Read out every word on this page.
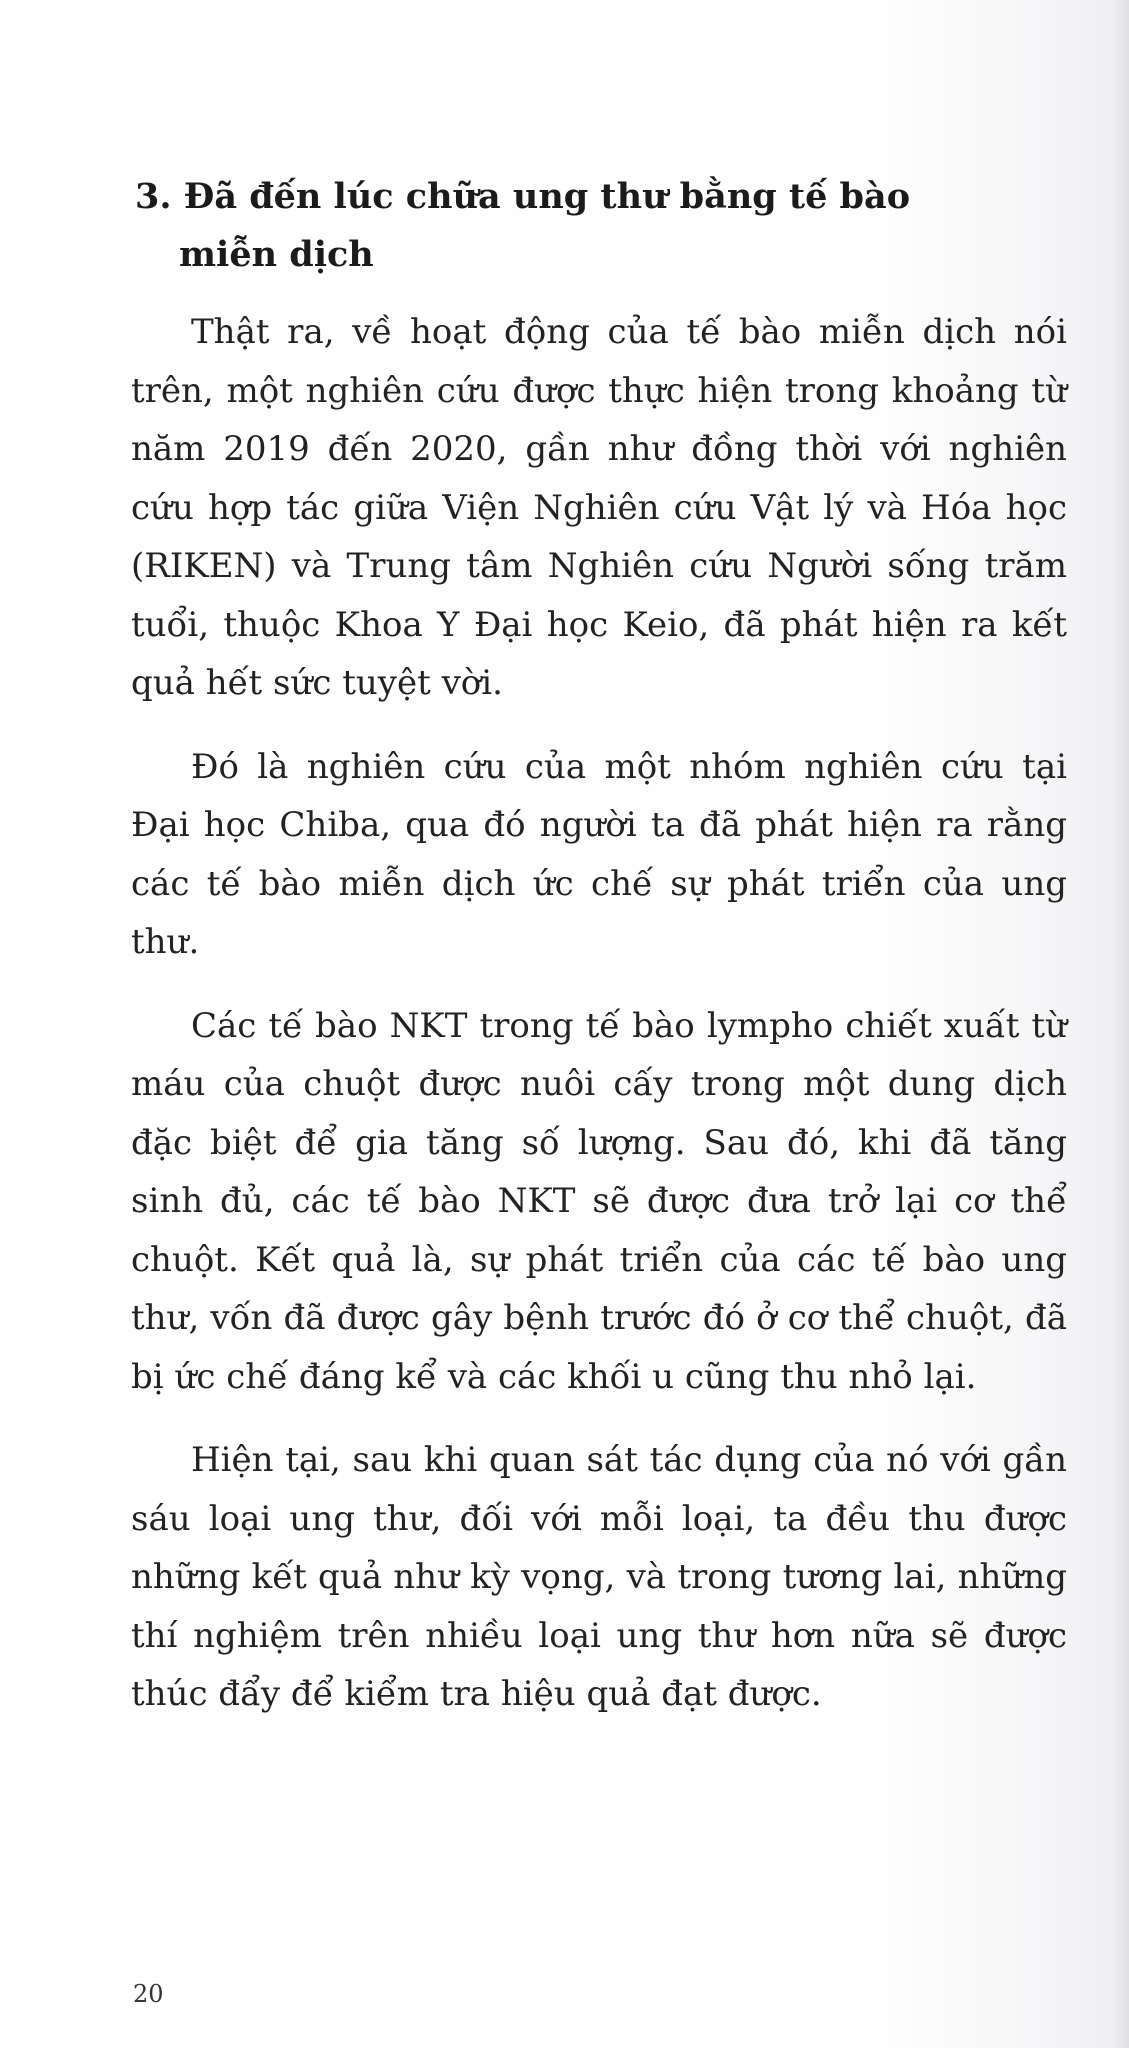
3. Đã đến lúc chữa ung thư bằng tế bào
miễn dịch

Thật ra, về hoạt động của tế bào miễn dịch nói trên, một nghiên cứu được thực hiện trong khoảng từ năm 2019 đến 2020, gần như đồng thời với nghiên cứu hợp tác giữa Viện Nghiên cứu Vật lý và Hóa học (RIKEN) và Trung tâm Nghiên cứu Người sống trăm tuổi, thuộc Khoa Y Đại học Keio, đã phát hiện ra kết quả hết sức tuyệt vời.

Đó là nghiên cứu của một nhóm nghiên cứu tại Đại học Chiba, qua đó người ta đã phát hiện ra rằng các tế bào miễn dịch ức chế sự phát triển của ung thư.

Các tế bào NKT trong tế bào lympho chiết xuất từ máu của chuột được nuôi cấy trong một dung dịch đặc biệt để gia tăng số lượng. Sau đó, khi đã tăng sinh đủ, các tế bào NKT sẽ được đưa trở lại cơ thể chuột. Kết quả là, sự phát triển của các tế bào ung thư, vốn đã được gây bệnh trước đó ở cơ thể chuột, đã bị ức chế đáng kể và các khối u cũng thu nhỏ lại.

Hiện tại, sau khi quan sát tác dụng của nó với gần sáu loại ung thư, đối với mỗi loại, ta đều thu được những kết quả như kỳ vọng, và trong tương lai, những thí nghiệm trên nhiều loại ung thư hơn nữa sẽ được thúc đẩy để kiểm tra hiệu quả đạt được.

20
